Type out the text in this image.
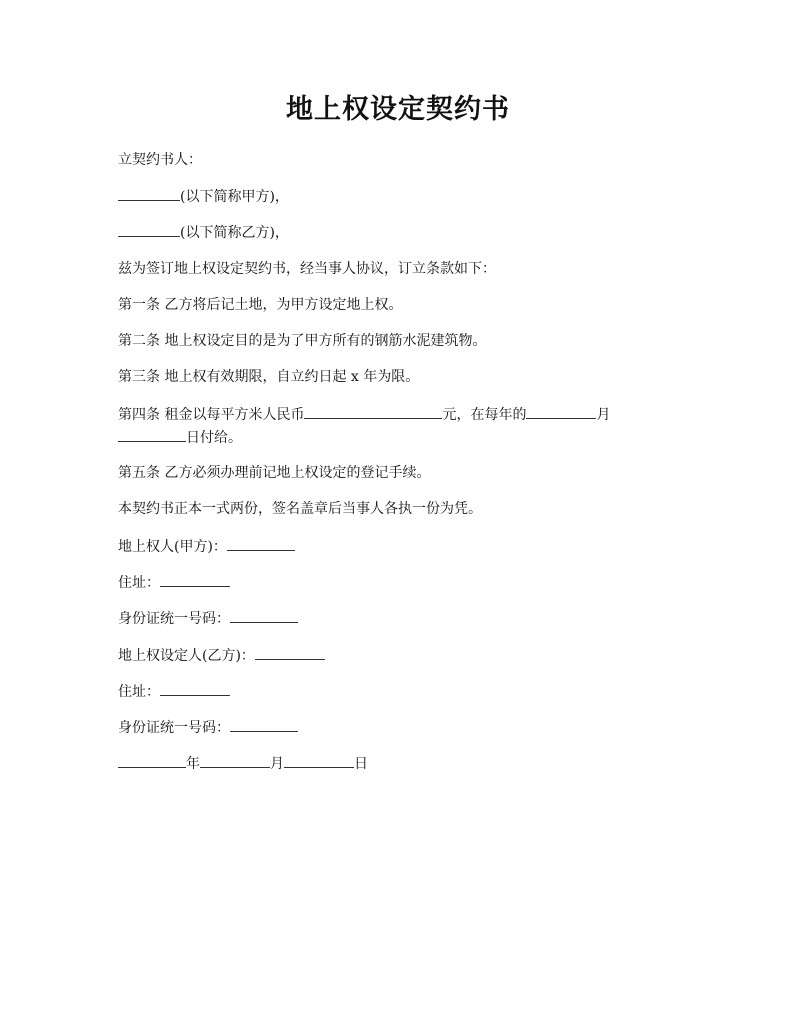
地上权设定契约书
立契约书人：
(以下简称甲方)，
(以下简称乙方)，
兹为签订地上权设定契约书，经当事人协议，订立条款如下：
第一条 乙方将后记土地，为甲方设定地上权。
第二条 地上权设定目的是为了甲方所有的钢筋水泥建筑物。
第三条 地上权有效期限，自立约日起 x 年为限。
第四条 租金以每平方米人民币	元，在每年的	月
日付给。
第五条 乙方必须办理前记地上权设定的登记手续。
本契约书正本一式两份，签名盖章后当事人各执一份为凭。
地上权人(甲方)：
住址：
身份证统一号码：
地上权设定人(乙方)：
住址：
身份证统一号码：
年	月	日
